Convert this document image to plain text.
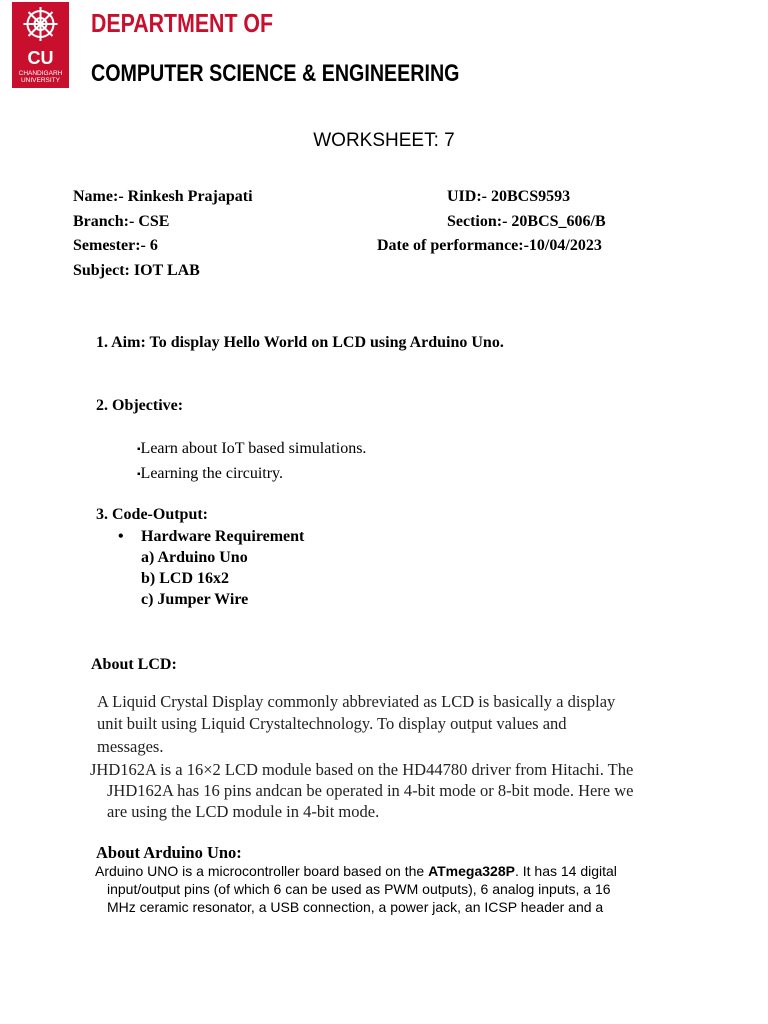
CU
CHANDIGARH
UNIVERSITY
DEPARTMENT OF
COMPUTER SCIENCE & ENGINEERING
WORKSHEET: 7
Name:- Rinkesh Prajapati	UID:- 20BCS9593
Branch:- CSE	Section:- 20BCS_606/B
Semester:- 6	Date of performance:-10/04/2023
Subject: IOT LAB
1. Aim: To display Hello World on LCD using Arduino Uno.
2. Objective:
▪Learn about IoT based simulations.
▪Learning the circuitry.
3. Code-Output:
• Hardware Requirement
a) Arduino Uno
b) LCD 16x2
c) Jumper Wire
About LCD:
A Liquid Crystal Display commonly abbreviated as LCD is basically a display
unit built using Liquid Crystaltechnology. To display output values and
messages.
JHD162A is a 16×2 LCD module based on the HD44780 driver from Hitachi. The
JHD162A has 16 pins andcan be operated in 4-bit mode or 8-bit mode. Here we
are using the LCD module in 4-bit mode.
About Arduino Uno:
Arduino UNO is a microcontroller board based on the ATmega328P. It has 14 digital
input/output pins (of which 6 can be used as PWM outputs), 6 analog inputs, a 16
MHz ceramic resonator, a USB connection, a power jack, an ICSP header and a
